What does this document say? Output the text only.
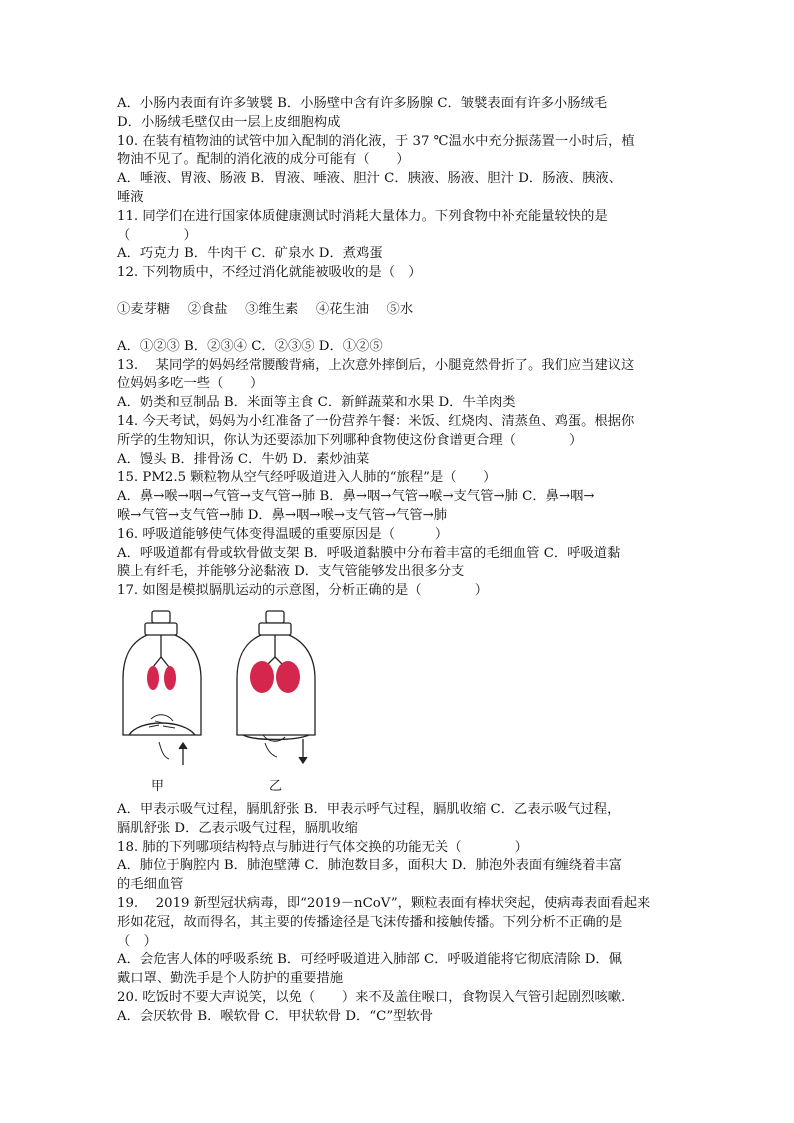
A．小肠内表面有许多皱襞 B．小肠壁中含有许多肠腺 C．皱襞表面有许多小肠绒毛
D．小肠绒毛壁仅由一层上皮细胞构成
10. 在装有植物油的试管中加入配制的消化液，于 37 ℃温水中充分振荡置一小时后，植
物油不见了。配制的消化液的成分可能有（　　）
A．唾液、胃液、肠液 B．胃液、唾液、胆汁 C．胰液、肠液、胆汁 D．肠液、胰液、
唾液
11. 同学们在进行国家体质健康测试时消耗大量体力。下列食物中补充能量较快的是
（　　　　）
A．巧克力 B．牛肉干 C．矿泉水 D．煮鸡蛋
12. 下列物质中，不经过消化就能被吸收的是（　）
①麦芽糖　 ②食盐　 ③维生素　 ④花生油　 ⑤水
A．①②③ B．②③④ C．②③⑤ D．①②⑤
13.　 某同学的妈妈经常腰酸背痛，上次意外摔倒后，小腿竟然骨折了。我们应当建议这
位妈妈多吃一些（　　）
A．奶类和豆制品 B．米面等主食 C．新鲜蔬菜和水果 D．牛羊肉类
14. 今天考试，妈妈为小红准备了一份营养午餐：米饭、红烧肉、清蒸鱼、鸡蛋。根据你
所学的生物知识，你认为还要添加下列哪种食物使这份食谱更合理（　　　　）
A．馒头 B．排骨汤 C．牛奶 D．素炒油菜
15. PM2.5 颗粒物从空气经呼吸道进入人肺的“旅程”是（　　）
A．鼻→喉→咽→气管→支气管→肺 B．鼻→咽→气管→喉→支气管→肺 C．鼻→咽→
喉→气管→支气管→肺 D．鼻→咽→喉→支气管→气管→肺
16. 呼吸道能够使气体变得温暖的重要原因是（　　　）
A．呼吸道都有骨或软骨做支架 B．呼吸道黏膜中分布着丰富的毛细血管 C．呼吸道黏
膜上有纤毛，并能够分泌黏液 D．支气管能够发出很多分支
17. 如图是模拟膈肌运动的示意图，分析正确的是（　　　　）
甲	乙
A．甲表示吸气过程，膈肌舒张 B．甲表示呼气过程，膈肌收缩 C．乙表示吸气过程，
膈肌舒张 D．乙表示吸气过程，膈肌收缩
18. 肺的下列哪项结构特点与肺进行气体交换的功能无关（　　　　）
A．肺位于胸腔内 B．肺泡壁薄 C．肺泡数目多，面积大 D．肺泡外表面有缠绕着丰富
的毛细血管
19.　 2019 新型冠状病毒，即“2019－nCoV”，颗粒表面有棒状突起，使病毒表面看起来
形如花冠，故而得名，其主要的传播途径是飞沫传播和接触传播。下列分析不正确的是
（　）
A．会危害人体的呼吸系统 B．可经呼吸道进入肺部 C．呼吸道能将它彻底清除 D．佩
戴口罩、勤洗手是个人防护的重要措施
20. 吃饭时不要大声说笑，以免（　　）来不及盖住喉口，食物误入气管引起剧烈咳嗽.
A．会厌软骨 B．喉软骨 C．甲状软骨 D．“C”型软骨
